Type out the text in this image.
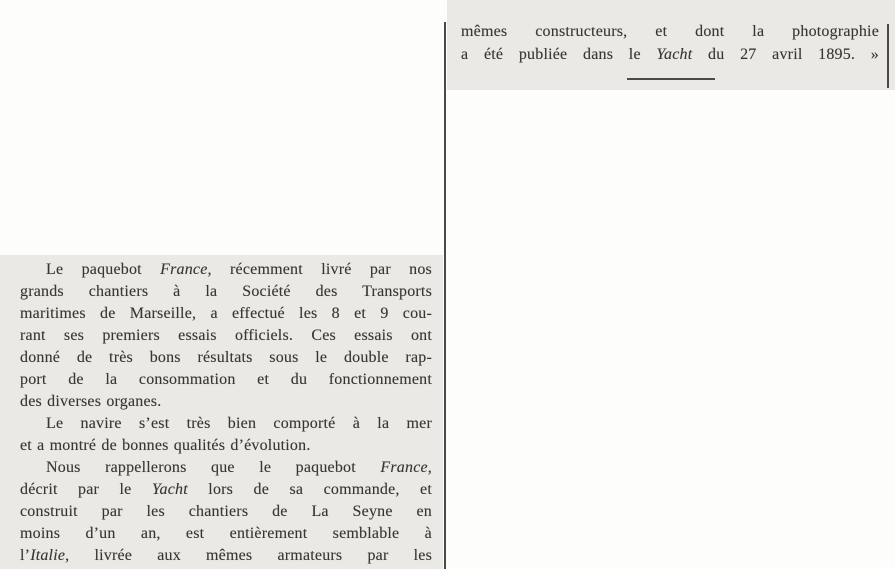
mêmes constructeurs, et dont la photographie
a été publiée dans le Yacht du 27 avril 1895. »
Le paquebot France, récemment livré par nos
grands chantiers à la Société des Transports
maritimes de Marseille, a effectué les 8 et 9 cou-
rant ses premiers essais officiels. Ces essais ont
donné de très bons résultats sous le double rap-
port de la consommation et du fonctionnement
des diverses organes.
Le navire s’est très bien comporté à la mer
et a montré de bonnes qualités d’évolution.
Nous rappellerons que le paquebot France,
décrit par le Yacht lors de sa commande, et
construit par les chantiers de La Seyne en
moins d’un an, est entièrement semblable à
l’Italie, livrée aux mêmes armateurs par les
